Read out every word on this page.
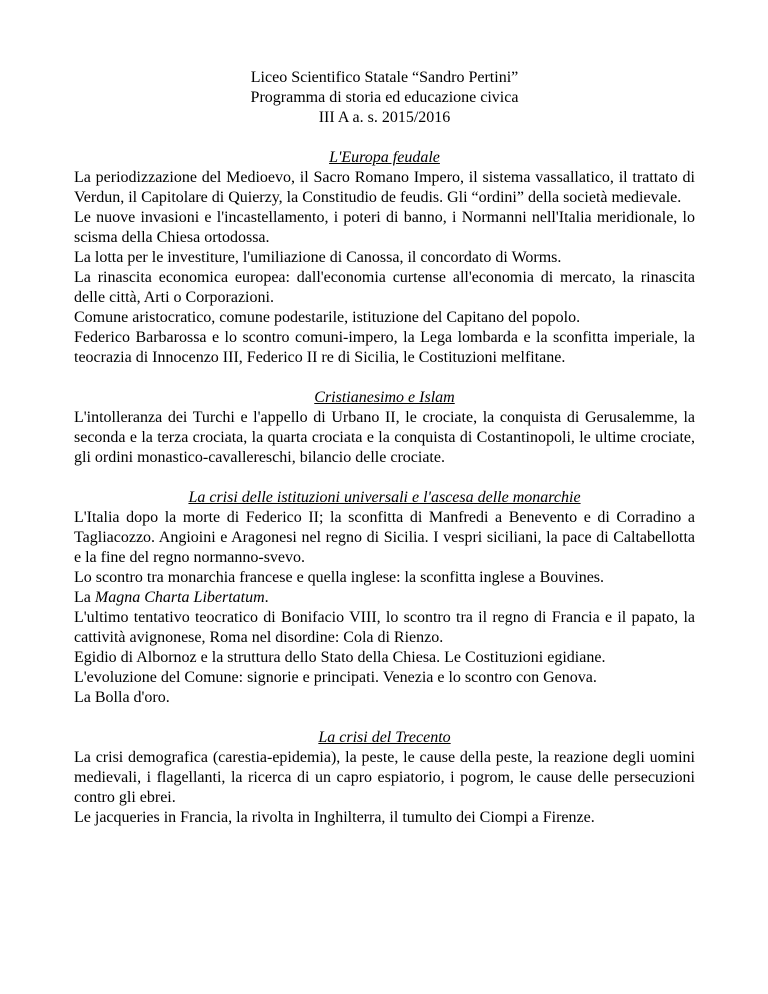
Liceo Scientifico Statale “Sandro Pertini”

Programma di storia ed educazione civica

III A a. s. 2015/2016

L'Europa feudale

La periodizzazione del Medioevo, il Sacro Romano Impero, il sistema vassallatico, il trattato di Verdun, il Capitolare di Quierzy, la Constitudio de feudis. Gli “ordini” della società medievale.

Le nuove invasioni e l'incastellamento, i poteri di banno, i Normanni nell'Italia meridionale, lo scisma della Chiesa ortodossa.

La lotta per le investiture, l'umiliazione di Canossa, il concordato di Worms.

La rinascita economica europea: dall'economia curtense all'economia di mercato, la rinascita delle città, Arti o Corporazioni.

Comune aristocratico, comune podestarile, istituzione del Capitano del popolo.

Federico Barbarossa e lo scontro comuni-impero, la Lega lombarda e la sconfitta imperiale, la teocrazia di Innocenzo III, Federico II re di Sicilia, le Costituzioni melfitane.

Cristianesimo e Islam

L'intolleranza dei Turchi e l'appello di Urbano II, le crociate, la conquista di Gerusalemme, la seconda e la terza crociata, la quarta crociata e la conquista di Costantinopoli, le ultime crociate, gli ordini monastico-cavallereschi, bilancio delle crociate.

La crisi delle istituzioni universali e l'ascesa delle monarchie

L'Italia dopo la morte di Federico II; la sconfitta di Manfredi a Benevento e di Corradino a Tagliacozzo. Angioini e Aragonesi nel regno di Sicilia. I vespri siciliani, la pace di Caltabellotta e la fine del regno normanno-svevo.

Lo scontro tra monarchia francese e quella inglese: la sconfitta inglese a Bouvines.

La Magna Charta Libertatum.

L'ultimo tentativo teocratico di Bonifacio VIII, lo scontro tra il regno di Francia e il papato, la cattività avignonese, Roma nel disordine: Cola di Rienzo.

Egidio di Albornoz e la struttura dello Stato della Chiesa. Le Costituzioni egidiane.

L'evoluzione del Comune: signorie e principati. Venezia e lo scontro con Genova.

La Bolla d'oro.

La crisi del Trecento

La crisi demografica (carestia-epidemia), la peste, le cause della peste, la reazione degli uomini medievali, i flagellanti, la ricerca di un capro espiatorio, i pogrom, le cause delle persecuzioni contro gli ebrei.

Le jacqueries in Francia, la rivolta in Inghilterra, il tumulto dei Ciompi a Firenze.
